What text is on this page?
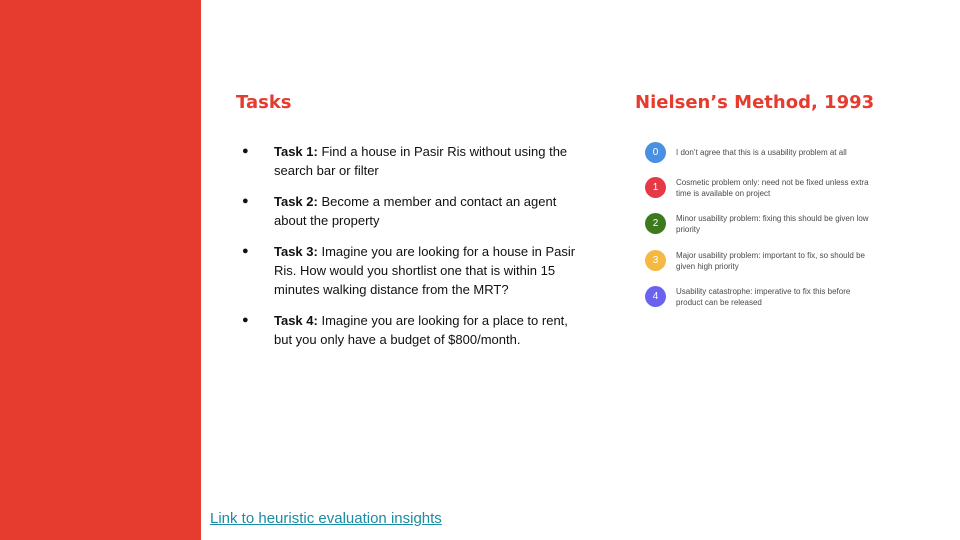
Tasks	Nielsen’s Method, 1993
● Task 1: Find a house in Pasir Ris without using the search bar or filter
● Task 2: Become a member and contact an agent about the property
● Task 3: Imagine you are looking for a house in Pasir Ris. How would you shortlist one that is within 15 minutes walking distance from the MRT?
● Task 4: Imagine you are looking for a place to rent, but you only have a budget of $800/month.
0	I don’t agree that this is a usability problem at all
1	Cosmetic problem only: need not be fixed unless extra time is available on project
2	Minor usability problem: fixing this should be given low priority
3	Major usability problem: important to fix, so should be given high priority
4	Usability catastrophe: imperative to fix this before product can be released
Link to heuristic evaluation insights
